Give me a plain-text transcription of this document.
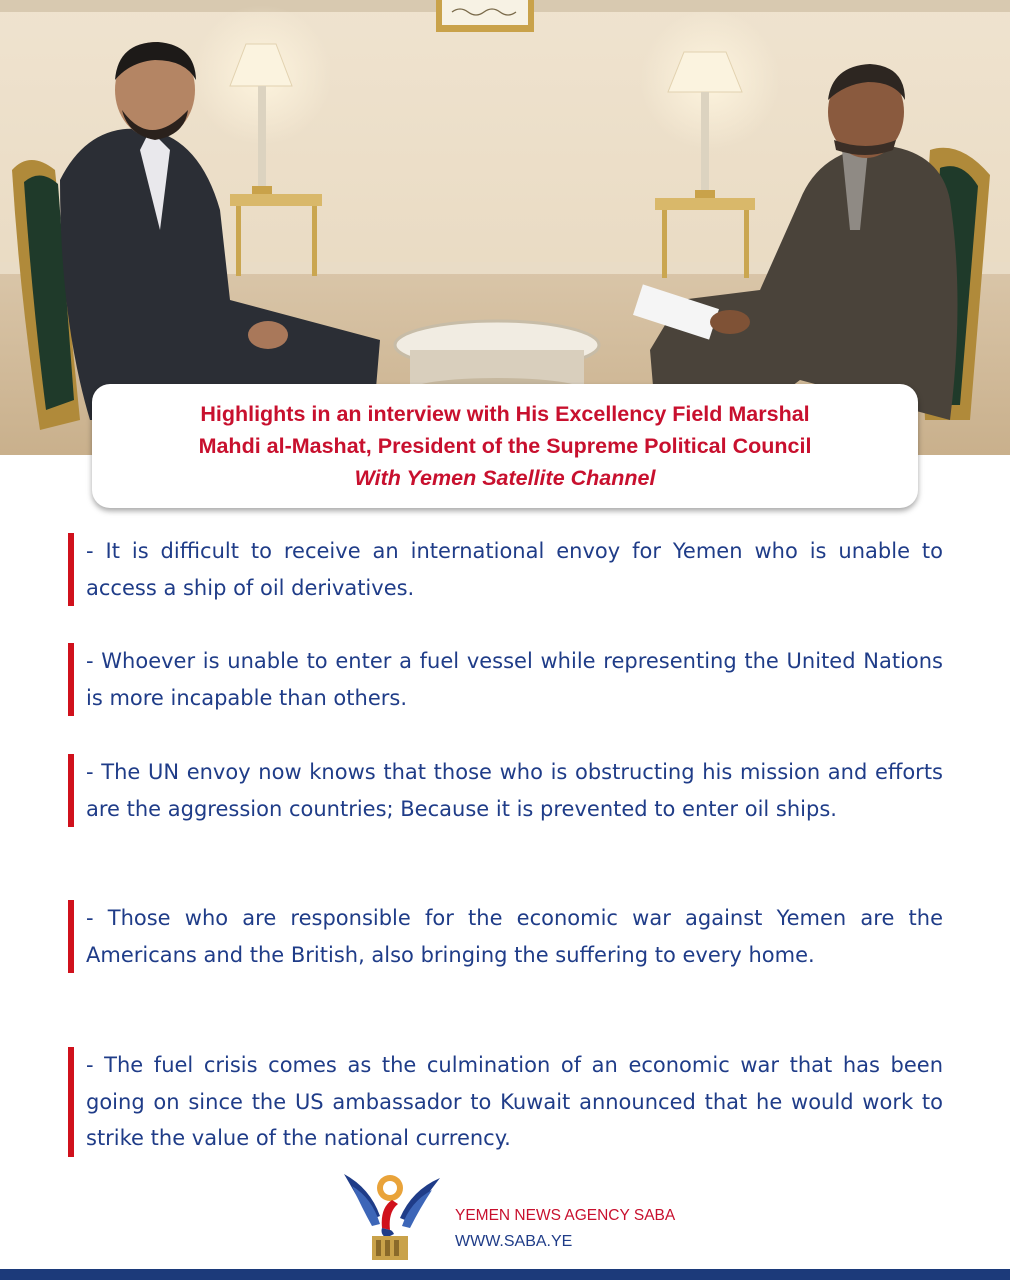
Highlights in an interview with His Excellency Field Marshal
Mahdi al-Mashat, President of the Supreme Political Council
With Yemen Satellite Channel
- It is difficult to receive an international envoy for Yemen who is unable to access a ship of oil derivatives.
- Whoever is unable to enter a fuel vessel while representing the United Nations is more incapable than others.
- The UN envoy now knows that those who is obstructing his mission and efforts are the aggression countries; Because it is prevented to enter oil ships.
- Those who are responsible for the economic war against Yemen are the Americans and the British, also bringing the suffering to every home.
- The fuel crisis comes as the culmination of an economic war that has been going on since the US ambassador to Kuwait announced that he would work to strike the value of the national currency.
YEMEN NEWS AGENCY SABA
WWW.SABA.YE
